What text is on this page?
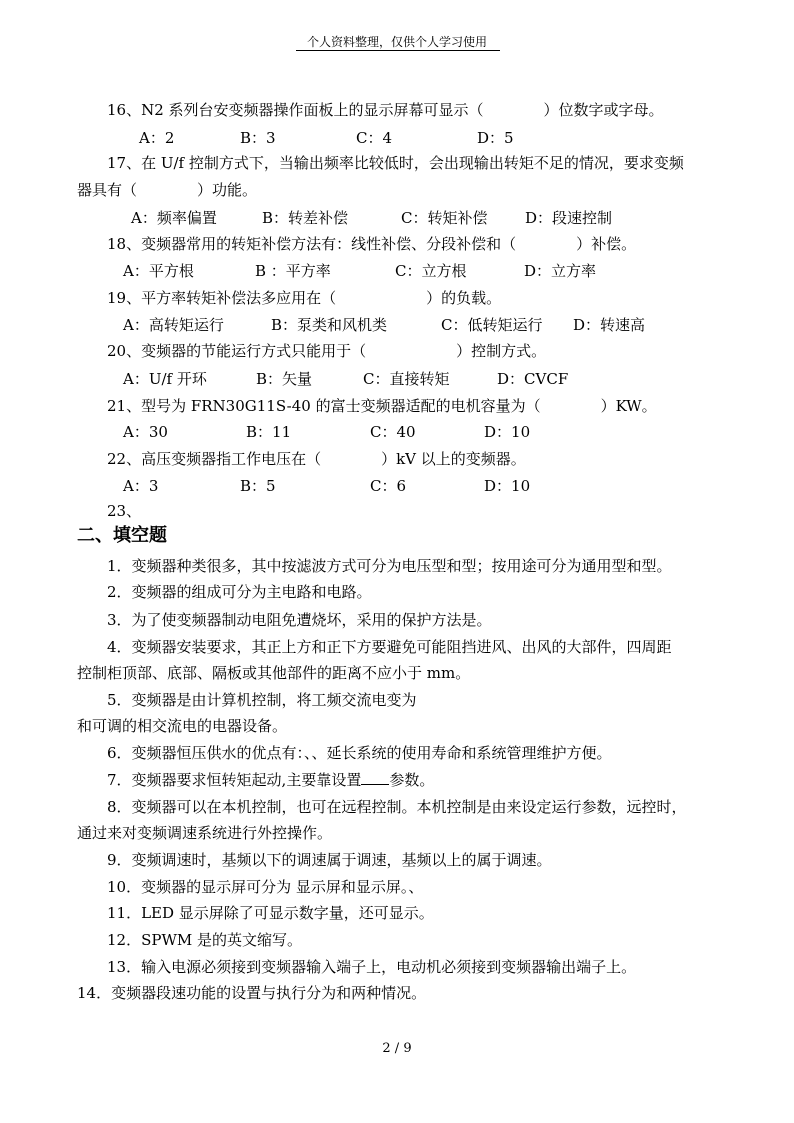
个人资料整理，仅供个人学习使用
16、N2 系列台安变频器操作面板上的显示屏幕可显示（　　　　）位数字或字母。
A：2	B：3	C：4	D：5
17、在 U/f 控制方式下，当输出频率比较低时，会出现输出转矩不足的情况，要求变频
器具有（　　　　）功能。
A：频率偏置	B：转差补偿	C：转矩补偿	D：段速控制
18、变频器常用的转矩补偿方法有：线性补偿、分段补偿和（　　　　）补偿。
A：平方根	B ：平方率	C：立方根	D：立方率
19、平方率转矩补偿法多应用在（　　　　　　）的负载。
A：高转矩运行	B：泵类和风机类	C：低转矩运行 D：转速高
20、变频器的节能运行方式只能用于（　　　　　　）控制方式。
A：U/f 开环	B：矢量	C：直接转矩	D：CVCF
21、型号为 FRN30G11S-40 的富士变频器适配的电机容量为（　　　　）KW。
A：30	B：11	C：40	D：10
22、高压变频器指工作电压在（　　　　）kV 以上的变频器。
A：3	B：5	C：6	D：10
23、
二、填空题
1．变频器种类很多，其中按滤波方式可分为电压型和型；按用途可分为通用型和型。
2．变频器的组成可分为主电路和电路。
3．为了使变频器制动电阻免遭烧坏，采用的保护方法是。
4．变频器安装要求，其正上方和正下方要避免可能阻挡进风、出风的大部件，四周距
控制柜顶部、底部、隔板或其他部件的距离不应小于 mm。
5．变频器是由计算机控制，将工频交流电变为
和可调的相交流电的电器设备。
6．变频器恒压供水的优点有：、、延长系统的使用寿命和系统管理维护方便。
7．变频器要求恒转矩起动,主要靠设置 参数。
8．变频器可以在本机控制，也可在远程控制。本机控制是由来设定运行参数，远控时，
通过来对变频调速系统进行外控操作。
9．变频调速时，基频以下的调速属于调速，基频以上的属于调速。
10．变频器的显示屏可分为 显示屏和显示屏。、
11．LED 显示屏除了可显示数字量，还可显示。
12．SPWM 是的英文缩写。
13．输入电源必须接到变频器输入端子上，电动机必须接到变频器输出端子上。
14．变频器段速功能的设置与执行分为和两种情况。
2 / 9
